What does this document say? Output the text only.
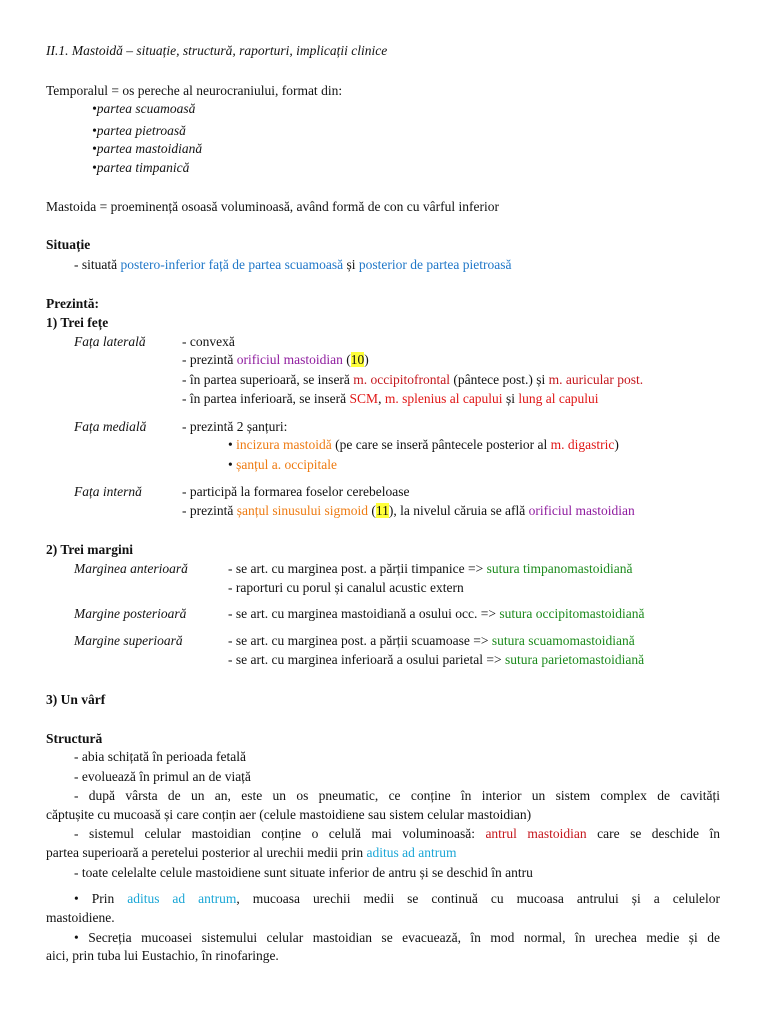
II.1. Mastoidă – situație, structură, raporturi, implicații clinice
Temporalul = os pereche al neurocraniului, format din:
•partea scuamoasă
•partea pietroasă
•partea mastoidiană
•partea timpanică
Mastoida = proeminență osoasă voluminoasă, având formă de con cu vârful inferior
Situație
- situată postero-inferior față de partea scuamoasă și posterior de partea pietroasă
Prezintă:
1) Trei fețe
Fața laterală	- convexă
- prezintă orificiul mastoidian (10)
- în partea superioară, se inseră m. occipitofrontal (pântece post.) și m. auricular post.
- în partea inferioară, se inseră SCM, m. splenius al capului și lung al capului
Fața medială	- prezintă 2 șanțuri:
• incizura mastoidă (pe care se inseră pântecele posterior al m. digastric)
• șanțul a. occipitale
Fața internă	- participă la formarea foselor cerebeloase
- prezintă șanțul sinusului sigmoid (11), la nivelul căruia se află orificiul mastoidian
2) Trei margini
Marginea anterioară	- se art. cu marginea post. a părții timpanice => sutura timpanomastoidiană
- raporturi cu porul și canalul acustic extern
Margine posterioară	- se art. cu marginea mastoidiană a osului occ. => sutura occipitomastoidiană
Margine superioară	- se art. cu marginea post. a părții scuamoase => sutura scuamomastoidiană
- se art. cu marginea inferioară a osului parietal => sutura parietomastoidiană
3) Un vârf
Structură
- abia schițată în perioada fetală
- evoluează în primul an de viață
- după vârsta de un an, este un os pneumatic, ce conține în interior un sistem complex de cavități
căptușite cu mucoasă și care conțin aer (celule mastoidiene sau sistem celular mastoidian)
- sistemul celular mastoidian conține o celulă mai voluminoasă: antrul mastoidian care se deschide în
partea superioară a peretelui posterior al urechii medii prin aditus ad antrum
- toate celelalte celule mastoidiene sunt situate inferior de antru și se deschid în antru
• Prin aditus ad antrum, mucoasa urechii medii se continuă cu mucoasa antrului și a celulelor
mastoidiene.
• Secreția mucoasei sistemului celular mastoidian se evacuează, în mod normal, în urechea medie și de
aici, prin tuba lui Eustachio, în rinofaringe.
